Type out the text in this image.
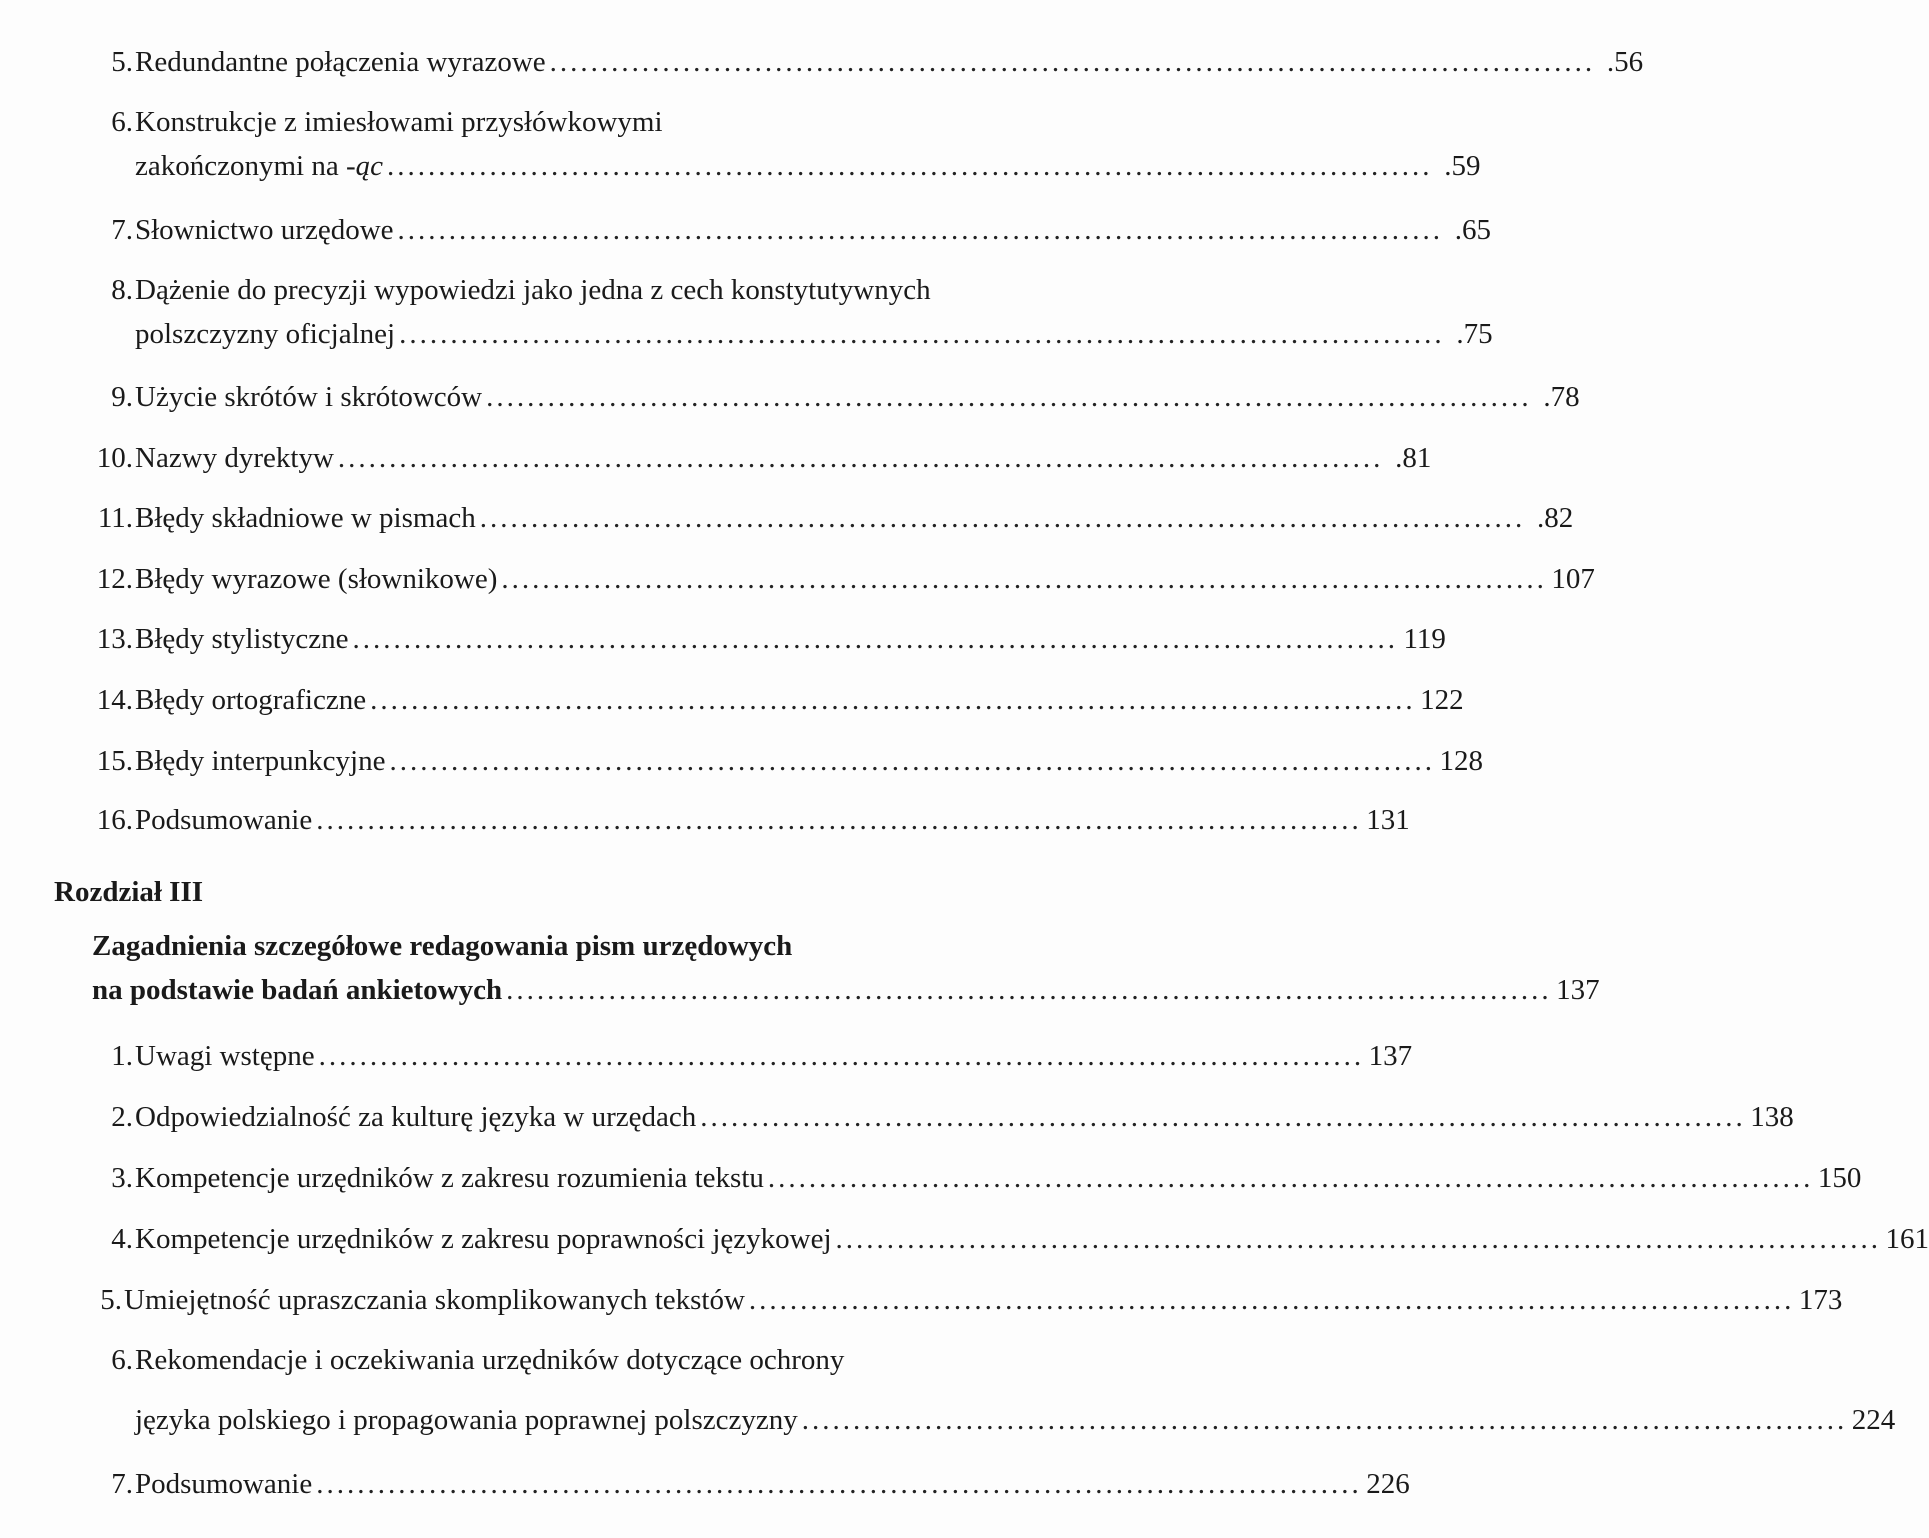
5. Redundantne połączenia wyrazowe ...................................................................................................... .56
6. Konstrukcje z imiesłowami przysłówkowymi
zakończonymi na -ąc ...................................................................................................... .59
7. Słownictwo urzędowe ...................................................................................................... .65
8. Dążenie do precyzji wypowiedzi jako jedna z cech konstytutywnych
polszczyzny oficjalnej ...................................................................................................... .75
9. Użycie skrótów i skrótowców ...................................................................................................... .78
10. Nazwy dyrektyw ...................................................................................................... .81
11. Błędy składniowe w pismach ...................................................................................................... .82
12. Błędy wyrazowe (słownikowe) ...................................................................................................... 107
13. Błędy stylistyczne ...................................................................................................... 119
14. Błędy ortograficzne ...................................................................................................... 122
15. Błędy interpunkcyjne ...................................................................................................... 128
16. Podsumowanie ...................................................................................................... 131
Rozdział III
Zagadnienia szczegółowe redagowania pism urzędowych
na podstawie badań ankietowych ...................................................................................................... 137
1. Uwagi wstępne ...................................................................................................... 137
2. Odpowiedzialność za kulturę języka w urzędach ...................................................................................................... 138
3. Kompetencje urzędników z zakresu rozumienia tekstu ...................................................................................................... 150
4. Kompetencje urzędników z zakresu poprawności językowej ...................................................................................................... 161
5. Umiejętność upraszczania skomplikowanych tekstów ...................................................................................................... 173
6. Rekomendacje i oczekiwania urzędników dotyczące ochrony
języka polskiego i propagowania poprawnej polszczyzny ...................................................................................................... 224
7. Podsumowanie ...................................................................................................... 226
